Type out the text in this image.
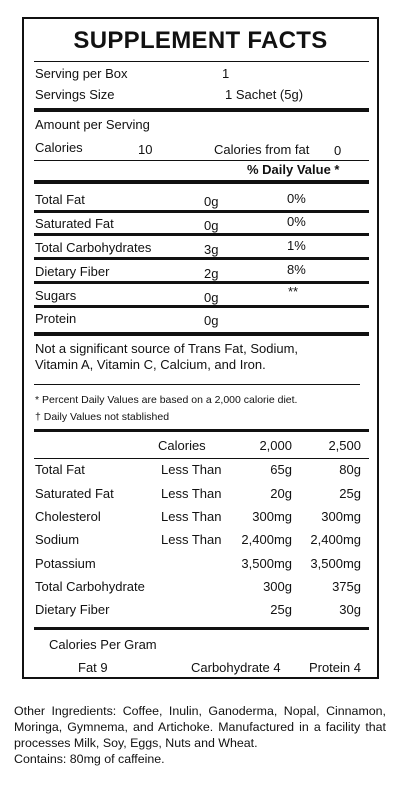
SUPPLEMENT FACTS
Serving per Box	1
Servings Size	1 Sachet (5g)
Amount per Serving
Calories	10	Calories from fat 0
% Daily Value *
Total Fat	0g	0%
Saturated Fat	0g	0%
Total Carbohydrates	3g	1%
Dietary Fiber	2g	8%
Sugars	0g	**
Protein	0g
Not a significant source of Trans Fat, Sodium,
Vitamin A, Vitamin C, Calcium, and Iron.
* Percent Daily Values are based on a 2,000 calorie diet.
† Daily Values not stablished
Calories	2,000	2,500
Total Fat	Less Than	65g	80g
Saturated Fat	Less Than	20g	25g
Cholesterol	Less Than	300mg	300mg
Sodium	Less Than	2,400mg	2,400mg
Potassium	3,500mg	3,500mg
Total Carbohydrate	300g	375g
Dietary Fiber	25g	30g
Calories Per Gram
Fat 9	Carbohydrate 4	Protein 4

Other Ingredients: Coffee, Inulin, Ganoderma, Nopal, Cinnamon, Moringa, Gymnema, and Artichoke. Manufactured in a facility that processes Milk, Soy, Eggs, Nuts and Wheat.

Contains: 80mg of caffeine.
